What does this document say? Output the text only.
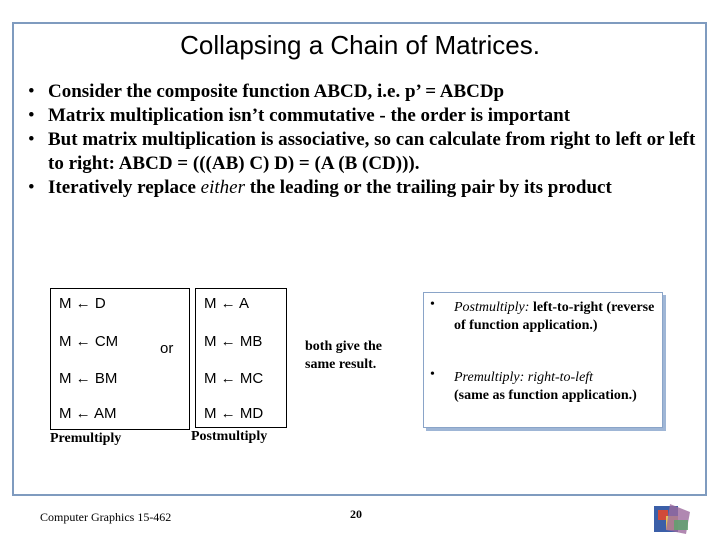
Collapsing a Chain of Matrices.
• Consider the composite function ABCD, i.e. p’ = ABCDp
• Matrix multiplication isn’t commutative - the order is important
• But matrix multiplication is associative, so can calculate from right to left or left to right: ABCD = (((AB) C) D) = (A (B (CD))).
• Iteratively replace either the leading or the trailing pair by its product
M ← D
M ← CM
M ← BM
M ← AM
Premultiply
or
M ← A
M ← MB
M ← MC
M ← MD
Postmultiply
both give the same result.
• Postmultiply: left-to-right (reverse of function application.)
• Premultiply: right-to-left
(same as function application.)
Computer Graphics 15-462	20
